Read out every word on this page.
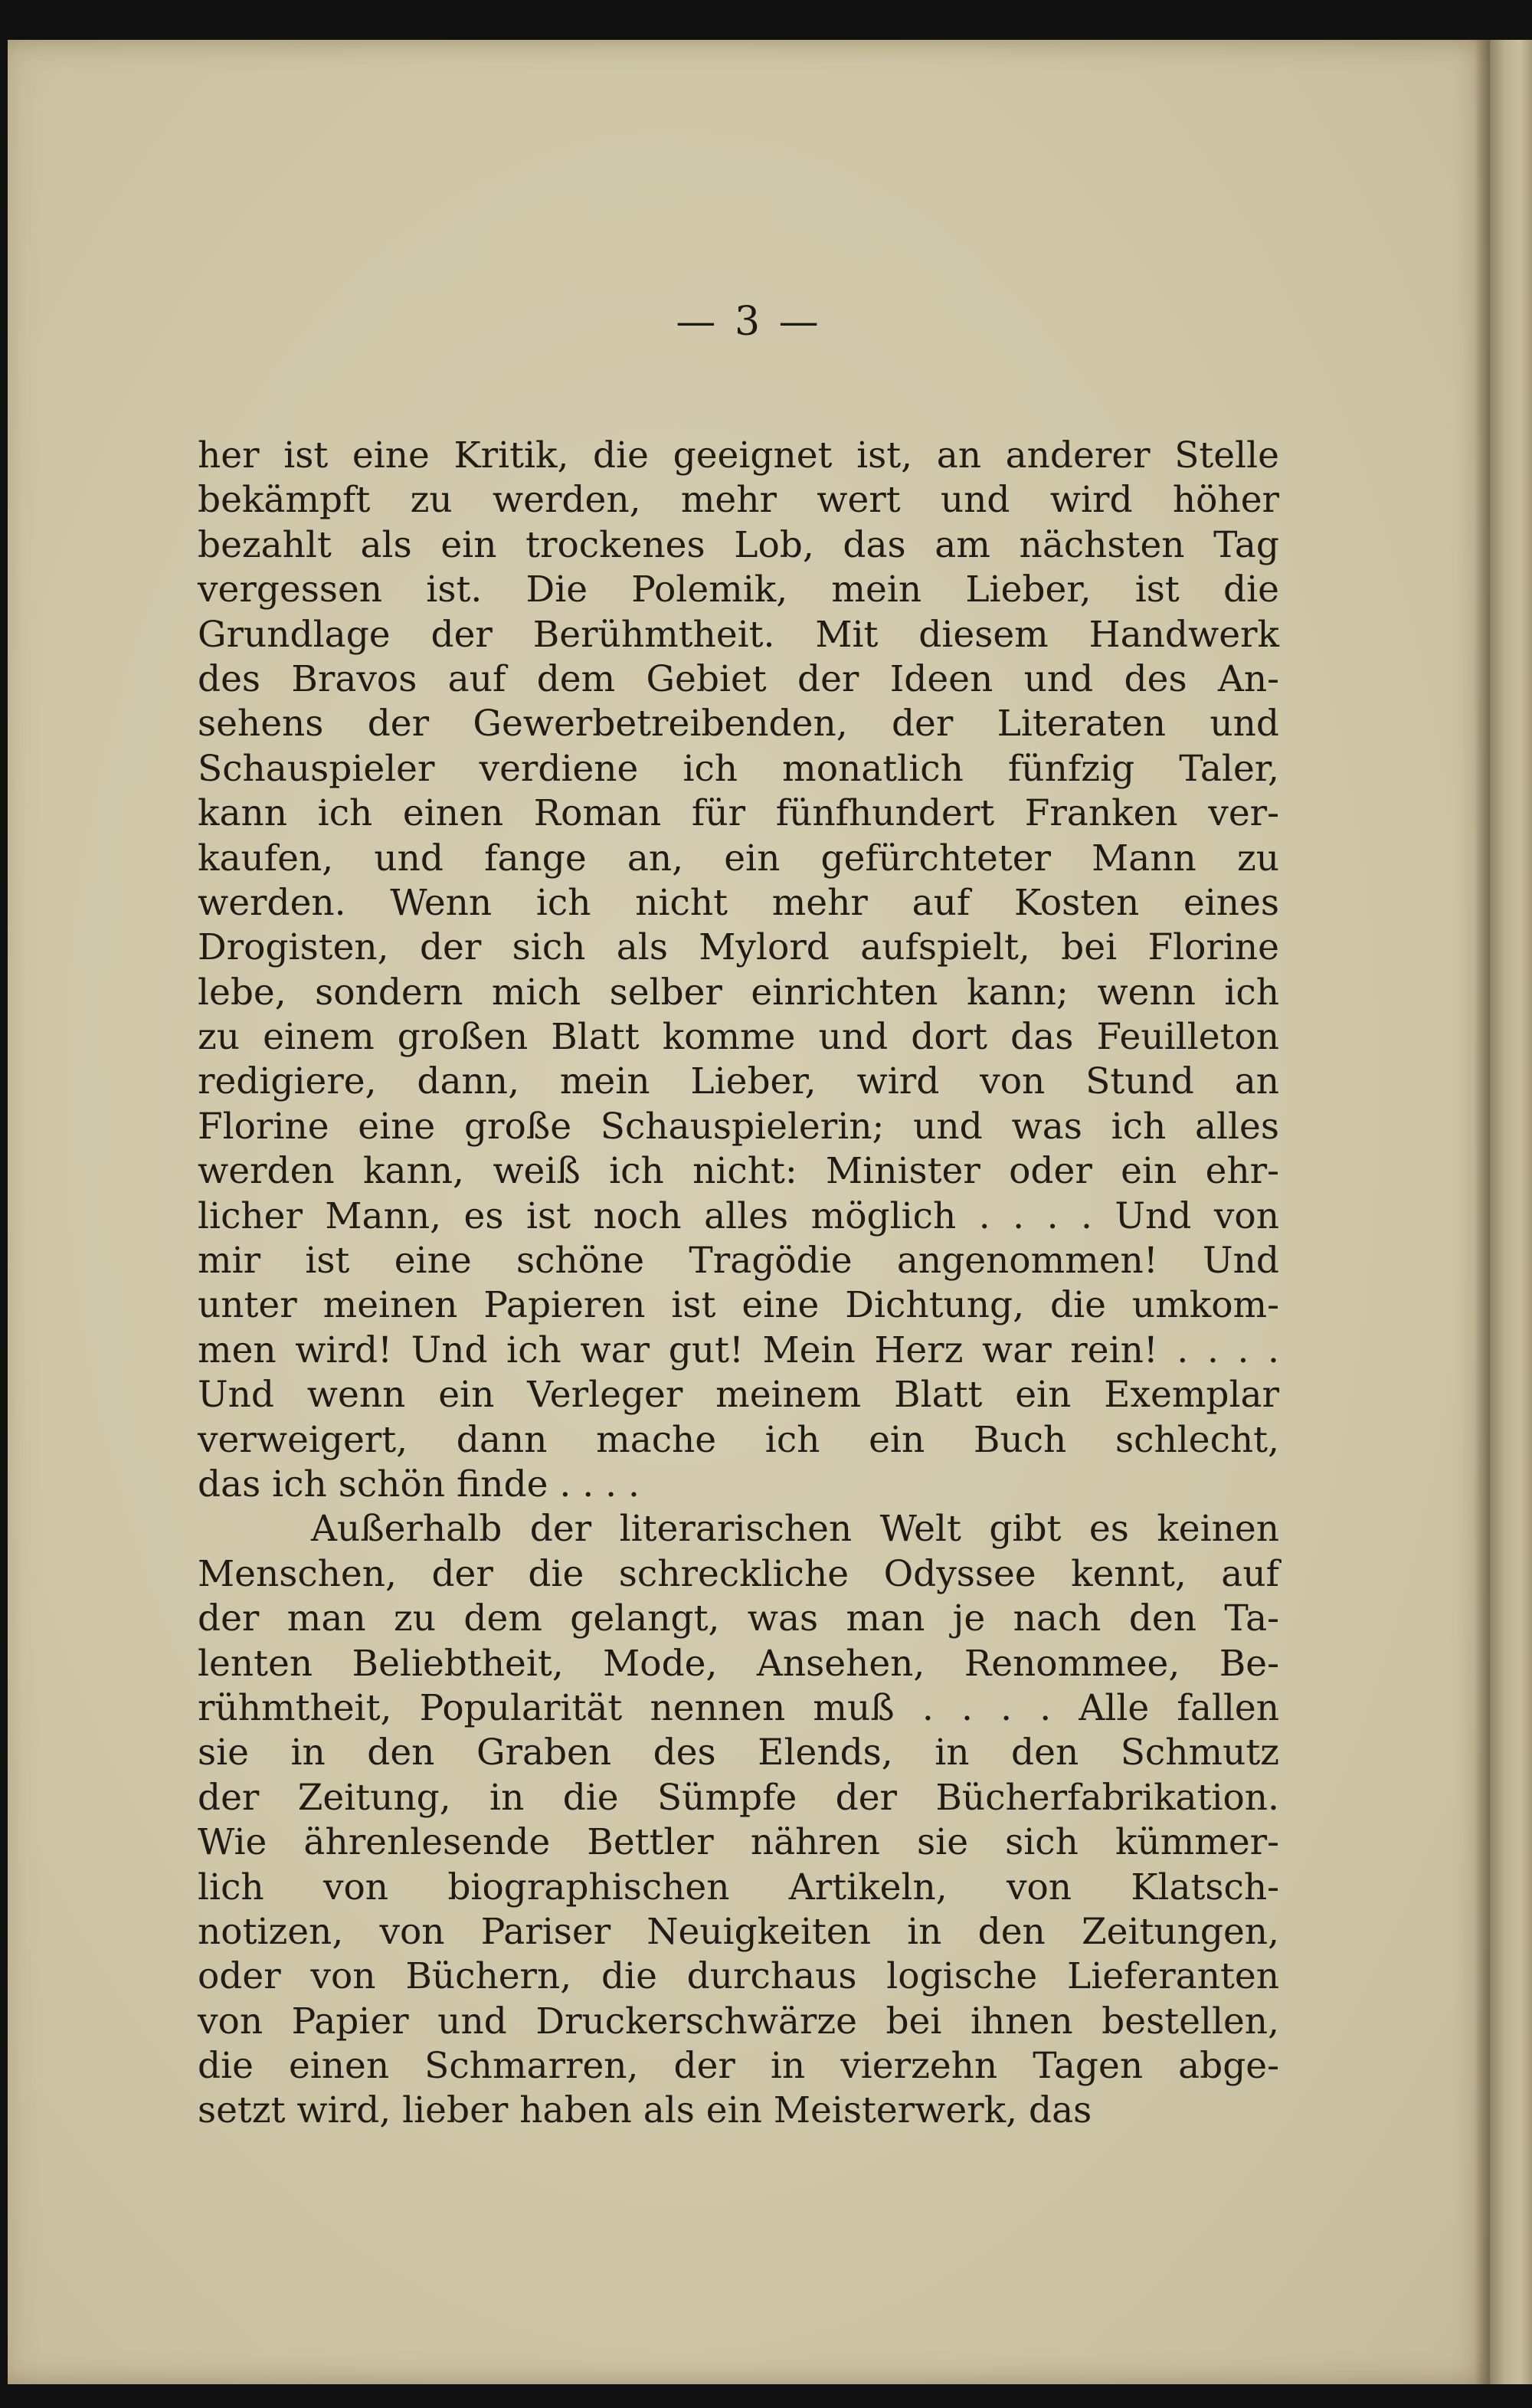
— 3 —

her ist eine Kritik, die geeignet ist, an anderer Stelle
bekämpft zu werden, mehr wert und wird höher
bezahlt als ein trockenes Lob, das am nächsten Tag
vergessen ist. Die Polemik, mein Lieber, ist die
Grundlage der Berühmtheit. Mit diesem Handwerk
des Bravos auf dem Gebiet der Ideen und des An-
sehens der Gewerbetreibenden, der Literaten und
Schauspieler verdiene ich monatlich fünfzig Taler,
kann ich einen Roman für fünfhundert Franken ver-
kaufen, und fange an, ein gefürchteter Mann zu
werden. Wenn ich nicht mehr auf Kosten eines
Drogisten, der sich als Mylord aufspielt, bei Florine
lebe, sondern mich selber einrichten kann; wenn ich
zu einem großen Blatt komme und dort das Feuilleton
redigiere, dann, mein Lieber, wird von Stund an
Florine eine große Schauspielerin; und was ich alles
werden kann, weiß ich nicht: Minister oder ein ehr-
licher Mann, es ist noch alles möglich . . . . Und von
mir ist eine schöne Tragödie angenommen! Und
unter meinen Papieren ist eine Dichtung, die umkom-
men wird! Und ich war gut! Mein Herz war rein! . . . .
Und wenn ein Verleger meinem Blatt ein Exemplar
verweigert, dann mache ich ein Buch schlecht,
das ich schön finde . . . .
Außerhalb der literarischen Welt gibt es keinen
Menschen, der die schreckliche Odyssee kennt, auf
der man zu dem gelangt, was man je nach den Ta-
lenten Beliebtheit, Mode, Ansehen, Renommee, Be-
rühmtheit, Popularität nennen muß . . . . Alle fallen
sie in den Graben des Elends, in den Schmutz
der Zeitung, in die Sümpfe der Bücherfabrikation.
Wie ährenlesende Bettler nähren sie sich kümmer-
lich von biographischen Artikeln, von Klatsch-
notizen, von Pariser Neuigkeiten in den Zeitungen,
oder von Büchern, die durchaus logische Lieferanten
von Papier und Druckerschwärze bei ihnen bestellen,
die einen Schmarren, der in vierzehn Tagen abge-
setzt wird, lieber haben als ein Meisterwerk, das
